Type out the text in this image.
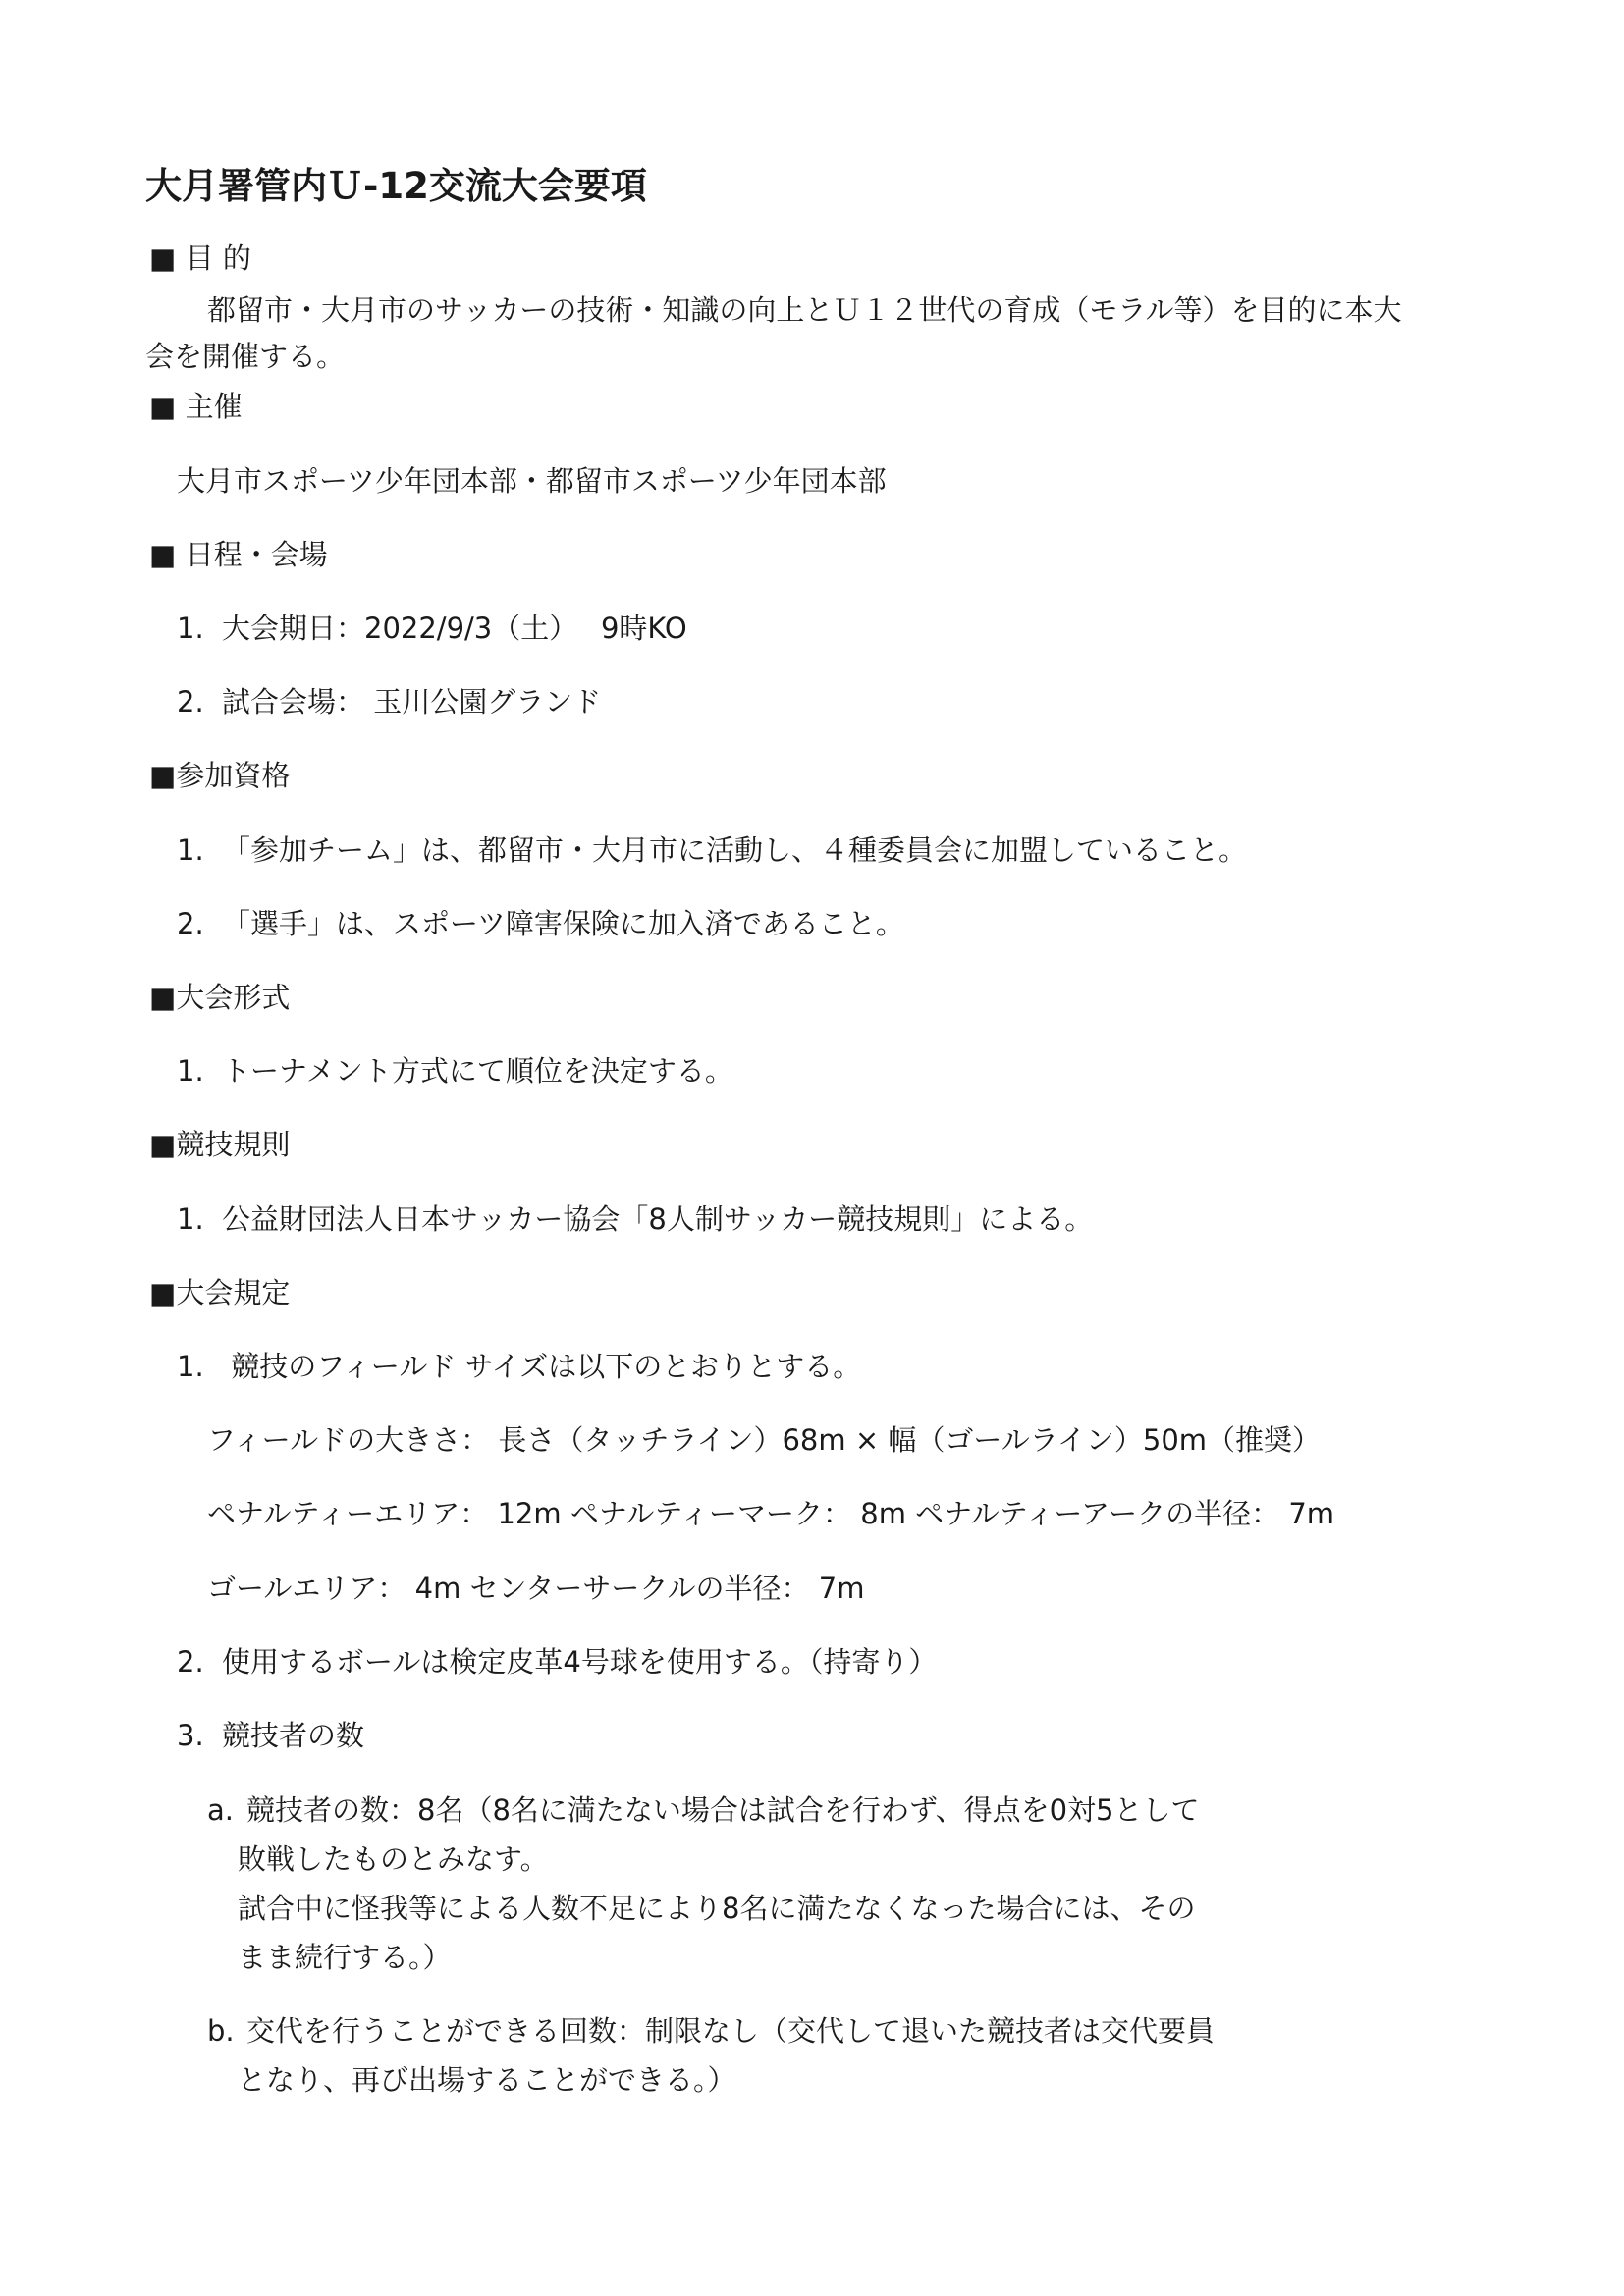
大月署管内Ｕ-12交流大会要項
■ 目 的
都留市・大月市のサッカーの技術・知識の向上とＵ１２世代の育成（モラル等）を目的に本大
会を開催する。
■ 主催
大月市スポーツ少年団本部・都留市スポーツ少年団本部
■ 日程・会場
1. 大会期日：2022/9/3（土）　 9時KO
2. 試合会場： 玉川公園グランド
■参加資格
1. 「参加チーム」は、都留市・大月市に活動し、４種委員会に加盟していること。
2. 「選手」は、スポーツ障害保険に加入済であること。
■大会形式
1. トーナメント方式にて順位を決定する。
■競技規則
1. 公益財団法人日本サッカー協会「8人制サッカー競技規則」による。
■大会規定
1. 競技のフィールド サイズは以下のとおりとする。
フィールドの大きさ： 長さ（タッチライン）68m × 幅（ゴールライン）50m（推奨）
ペナルティーエリア： 12m ペナルティーマーク： 8m ペナルティーアークの半径： 7m
ゴールエリア： 4m センターサークルの半径： 7m
2. 使用するボールは検定皮革4号球を使用する。（持寄り）
3. 競技者の数
a. 競技者の数：8名（8名に満たない場合は試合を行わず、得点を0対5として
敗戦したものとみなす。
試合中に怪我等による人数不足により8名に満たなくなった場合には、その
まま続行する。）
b. 交代を行うことができる回数：制限なし（交代して退いた競技者は交代要員
となり、再び出場することができる。）
